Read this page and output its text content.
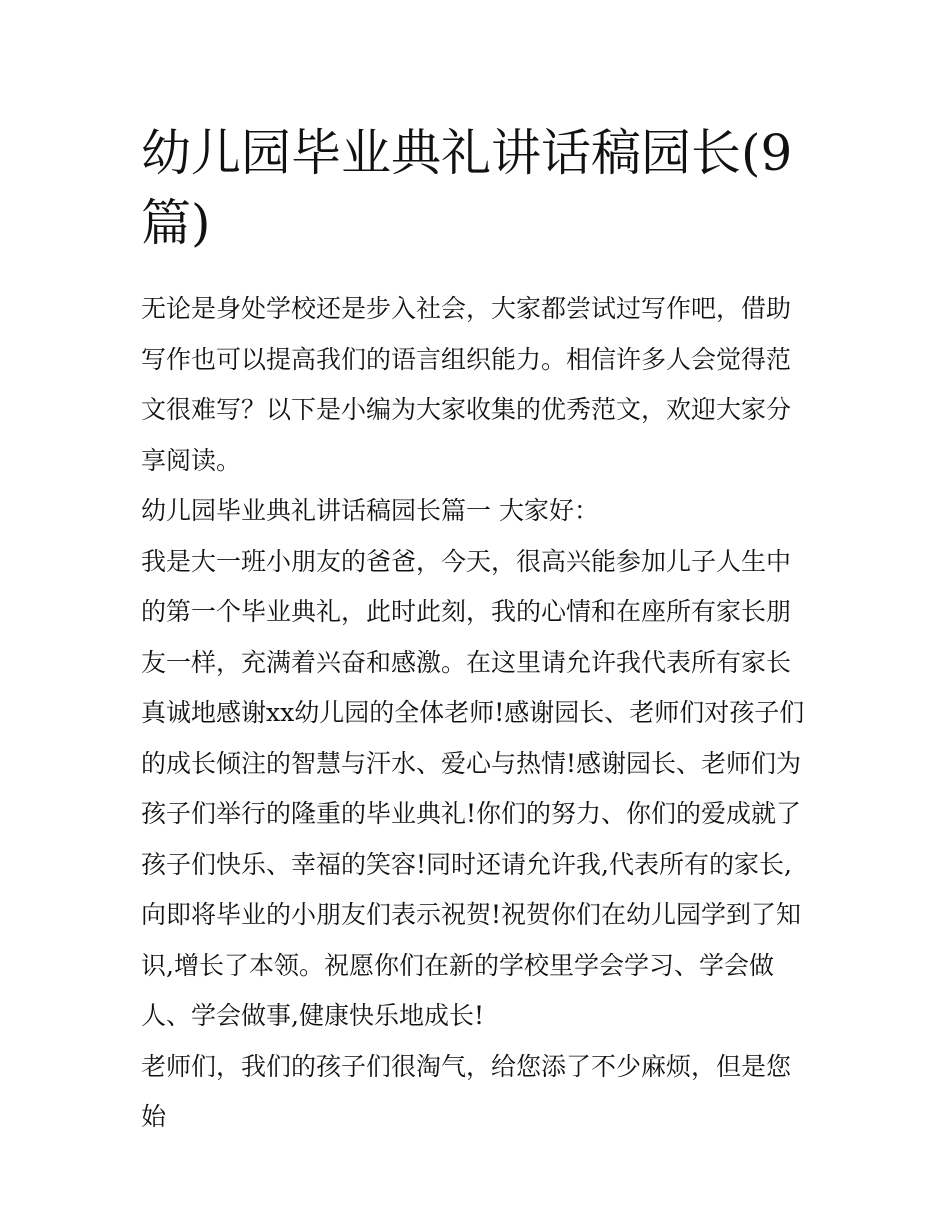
幼儿园毕业典礼讲话稿园长(9篇)

无论是身处学校还是步入社会，大家都尝试过写作吧，借助写作也可以提高我们的语言组织能力。相信许多人会觉得范文很难写？以下是小编为大家收集的优秀范文，欢迎大家分享阅读。

幼儿园毕业典礼讲话稿园长篇一 大家好：

我是大一班小朋友的爸爸，今天，很高兴能参加儿子人生中的第一个毕业典礼，此时此刻，我的心情和在座所有家长朋友一样，充满着兴奋和感激。在这里请允许我代表所有家长真诚地感谢xx幼儿园的全体老师!感谢园长、老师们对孩子们的成长倾注的智慧与汗水、爱心与热情!感谢园长、老师们为孩子们举行的隆重的毕业典礼!你们的努力、你们的爱成就了孩子们快乐、幸福的笑容!同时还请允许我,代表所有的家长,向即将毕业的小朋友们表示祝贺!祝贺你们在幼儿园学到了知识,增长了本领。祝愿你们在新的学校里学会学习、学会做人、学会做事,健康快乐地成长!

老师们，我们的孩子们很淘气，给您添了不少麻烦，但是您始
